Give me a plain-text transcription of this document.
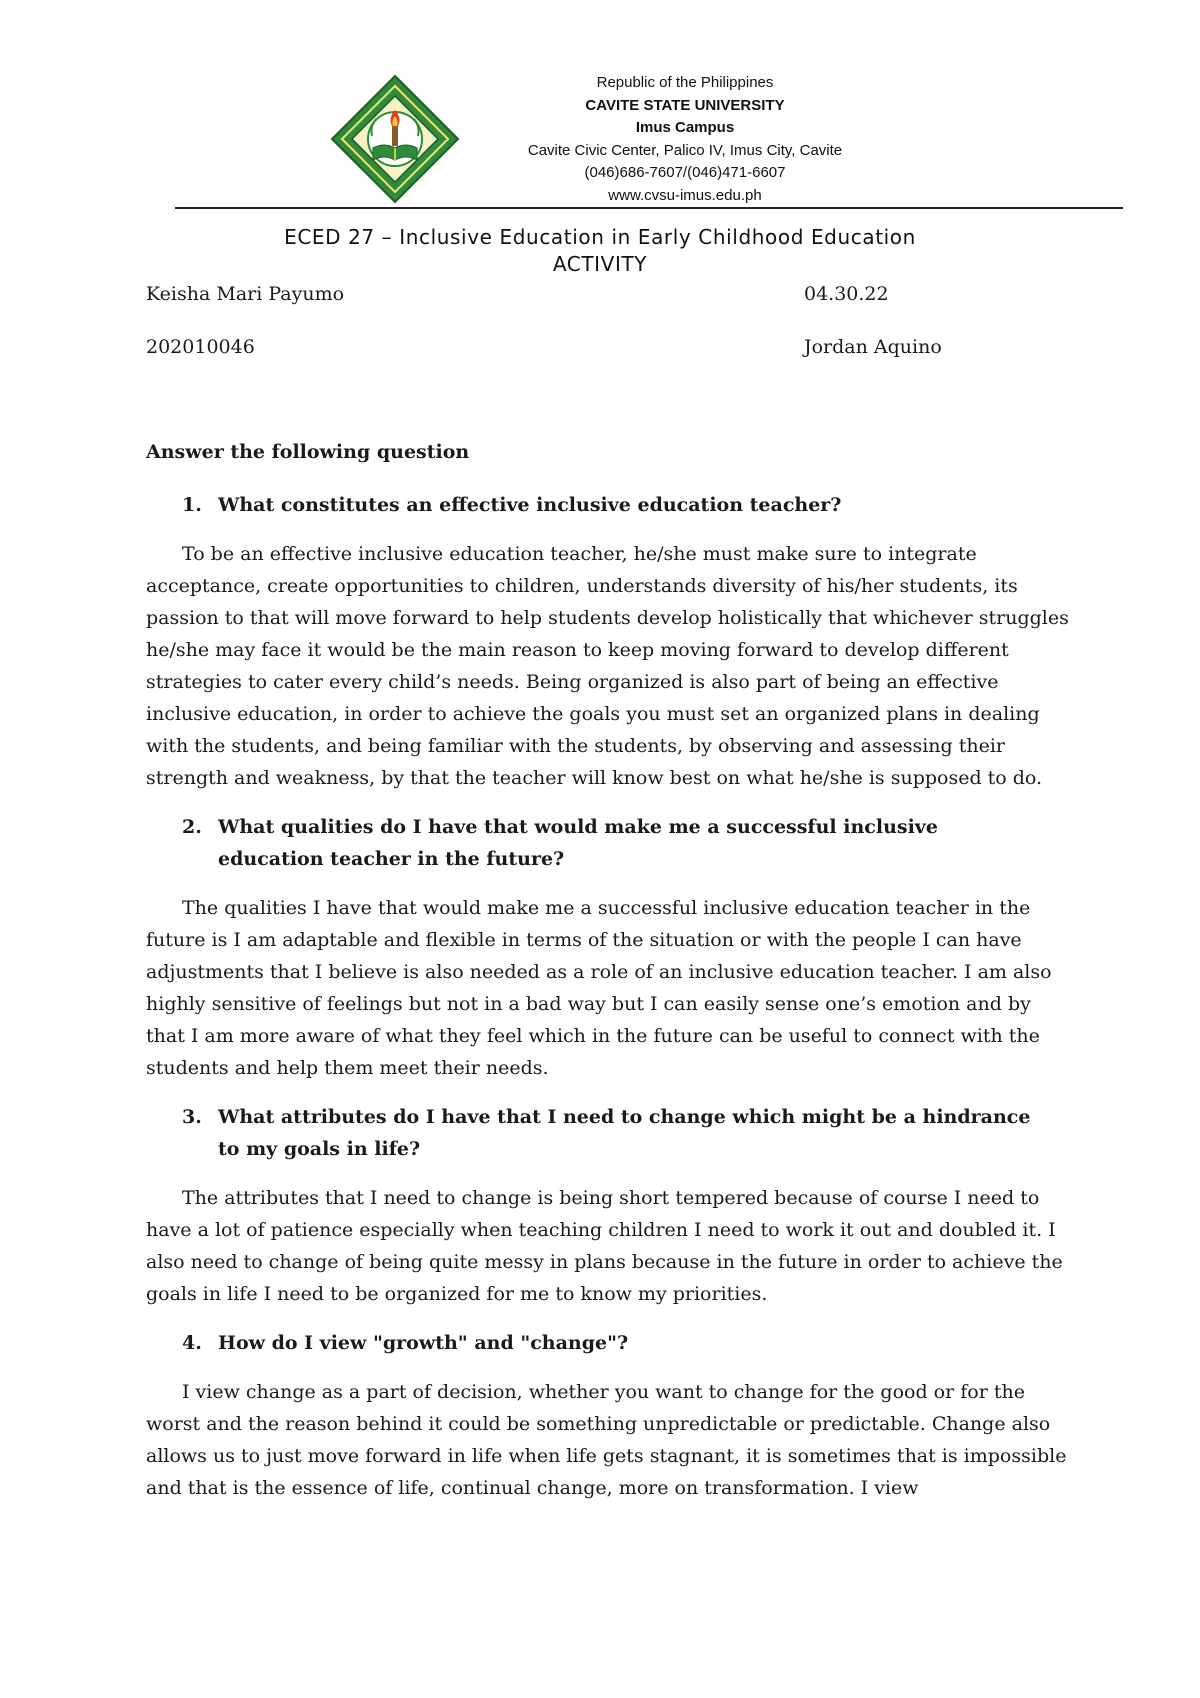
Republic of the Philippines
CAVITE STATE UNIVERSITY
Imus Campus
Cavite Civic Center, Palico IV, Imus City, Cavite
(046)686-7607/(046)471-6607
www.cvsu-imus.edu.ph
ECED 27 – Inclusive Education in Early Childhood Education
ACTIVITY
Keisha Mari Payumo	04.30.22
202010046	Jordan Aquino
Answer the following question
1. What constitutes an effective inclusive education teacher?

To be an effective inclusive education teacher, he/she must make sure to integrate acceptance, create opportunities to children, understands diversity of his/her students, its passion to that will move forward to help students develop holistically that whichever struggles he/she may face it would be the main reason to keep moving forward to develop different strategies to cater every child’s needs. Being organized is also part of being an effective inclusive education, in order to achieve the goals you must set an organized plans in dealing with the students, and being familiar with the students, by observing and assessing their strength and weakness, by that the teacher will know best on what he/she is supposed to do.

2. What qualities do I have that would make me a successful inclusive education teacher in the future?

The qualities I have that would make me a successful inclusive education teacher in the future is I am adaptable and flexible in terms of the situation or with the people I can have adjustments that I believe is also needed as a role of an inclusive education teacher. I am also highly sensitive of feelings but not in a bad way but I can easily sense one’s emotion and by that I am more aware of what they feel which in the future can be useful to connect with the students and help them meet their needs.

3. What attributes do I have that I need to change which might be a hindrance to my goals in life?

The attributes that I need to change is being short tempered because of course I need to have a lot of patience especially when teaching children I need to work it out and doubled it. I also need to change of being quite messy in plans because in the future in order to achieve the goals in life I need to be organized for me to know my priorities.

4. How do I view "growth" and "change"?

I view change as a part of decision, whether you want to change for the good or for the worst and the reason behind it could be something unpredictable or predictable. Change also allows us to just move forward in life when life gets stagnant, it is sometimes that is impossible and that is the essence of life, continual change, more on transformation. I view
